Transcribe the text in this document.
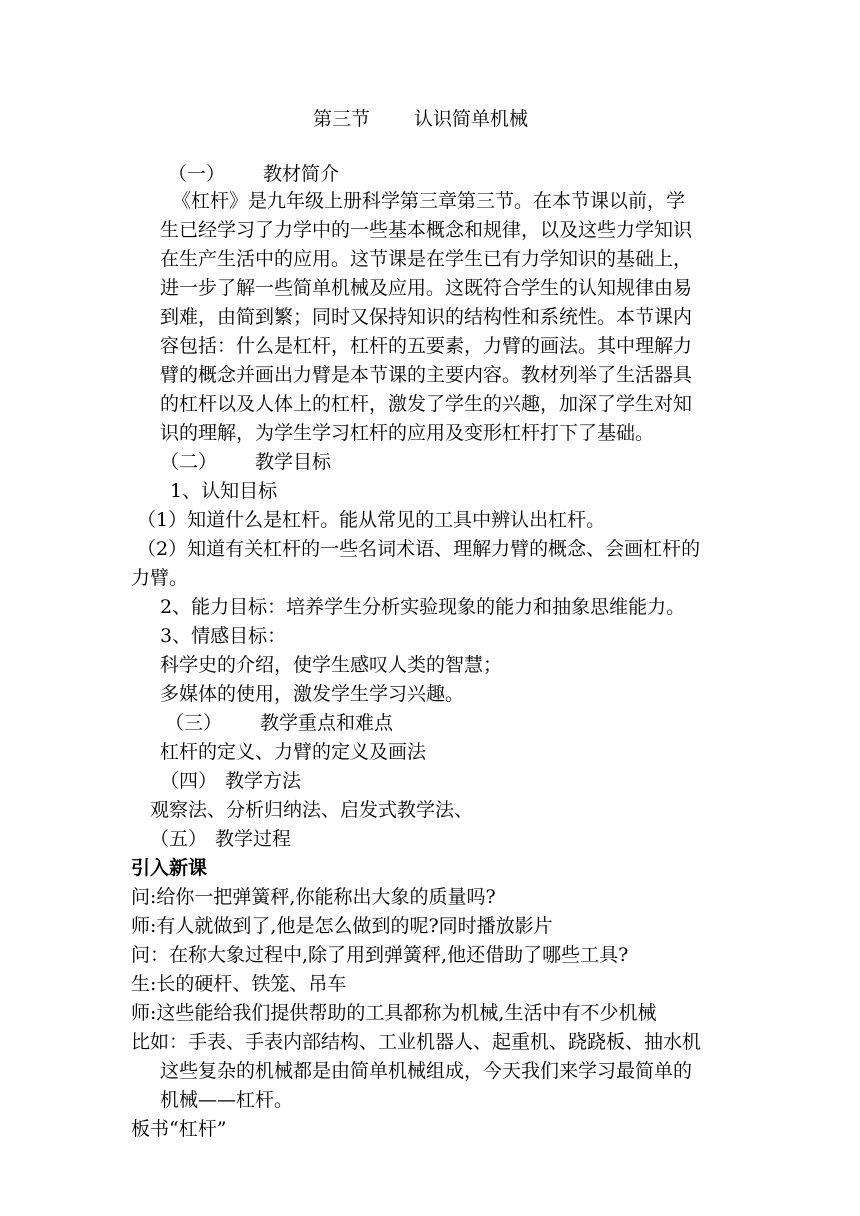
第三节 认识简单机械
（一） 教材简介
《杠杆》是九年级上册科学第三章第三节。在本节课以前，学
生已经学习了力学中的一些基本概念和规律，以及这些力学知识
在生产生活中的应用。这节课是在学生已有力学知识的基础上，
进一步了解一些简单机械及应用。这既符合学生的认知规律由易
到难，由简到繁；同时又保持知识的结构性和系统性。本节课内
容包括：什么是杠杆，杠杆的五要素，力臂的画法。其中理解力
臂的概念并画出力臂是本节课的主要内容。教材列举了生活器具
的杠杆以及人体上的杠杆，激发了学生的兴趣，加深了学生对知
识的理解，为学生学习杠杆的应用及变形杠杆打下了基础。
（二） 教学目标
1、认知目标
（1）知道什么是杠杆。能从常见的工具中辨认出杠杆。
（2）知道有关杠杆的一些名词术语、理解力臂的概念、会画杠杆的
力臂。
2、能力目标：培养学生分析实验现象的能力和抽象思维能力。
3、情感目标：
科学史的介绍，使学生感叹人类的智慧；
多媒体的使用，激发学生学习兴趣。
（三） 教学重点和难点
杠杆的定义、力臂的定义及画法
（四） 教学方法
观察法、分析归纳法、启发式教学法、
（五） 教学过程
引入新课
问:给你一把弹簧秤,你能称出大象的质量吗?
师:有人就做到了,他是怎么做到的呢?同时播放影片
问：在称大象过程中,除了用到弹簧秤,他还借助了哪些工具?
生:长的硬杆、铁笼、吊车
师:这些能给我们提供帮助的工具都称为机械,生活中有不少机械
比如：手表、手表内部结构、工业机器人、起重机、跷跷板、抽水机
这些复杂的机械都是由简单机械组成，今天我们来学习最简单的
机械——杠杆。
板书“杠杆”
